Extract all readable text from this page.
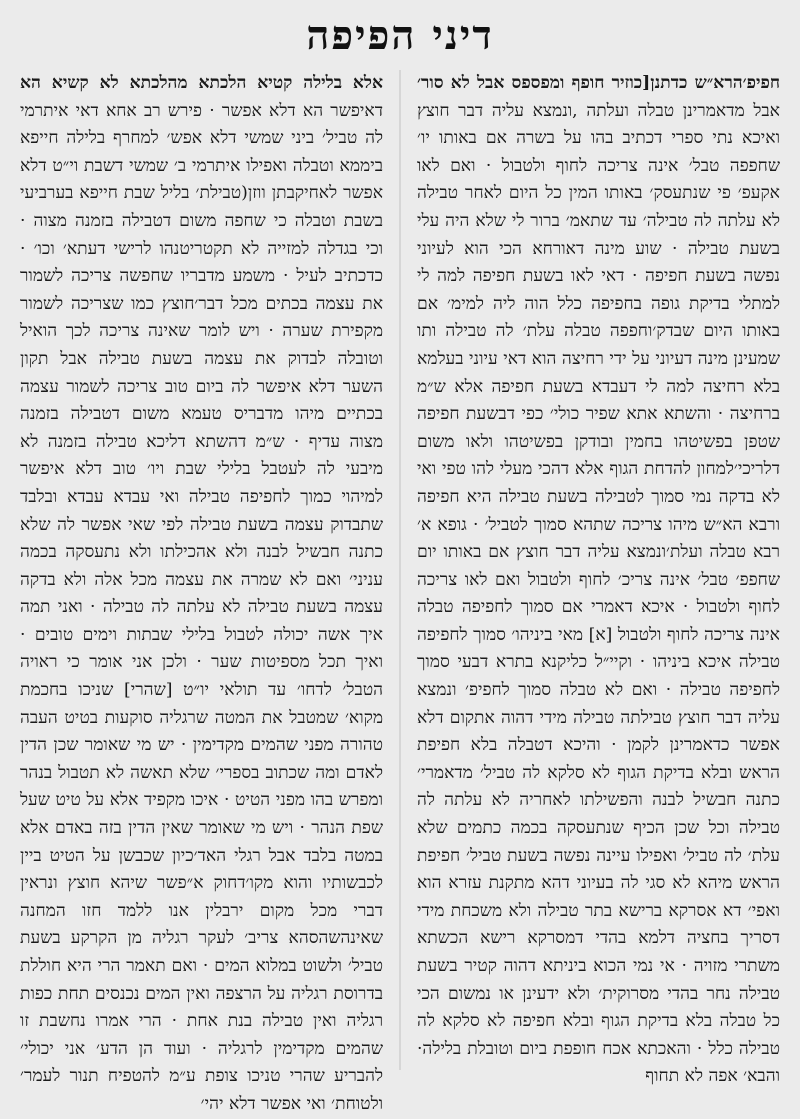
דיני הפיפה

חפיפ׳הרא״ש כדתנן[כוזיר חופף ומפספס אבל לא סור׳ אבל מדאמרינן טבלה ועלתה ,ונמצא עליה דבר חוצץ ואיכא נתי ספרי דכתיב בהו על בשרה אם באותו יו׳ שחפפה טבל׳ אינה צריכה לחוף ולטבול · ואם לאו אקעפ׳ פי שנתעסק׳ באותו המין כל היום לאחר טבילה לא עלתה לה טבילה׳ עד שתאמ׳ ברור לי שלא היה עלי בשעת טבילה · שוע מינה דאורחא הכי הוא לעיוני נפשה בשעת חפיפה · דאי לאו בשעת חפיפה למה לי למתלי בדיקת גופה בחפיפה כלל הוה ליה למימ׳ אם באותו היום שבדק׳וחפפה טבלה עלת׳ לה טבילה ותו שמעינן מינה דעיוני על ידי רחיצה הוא דאי עיוני בעלמא בלא רחיצה למה לי דעבדא בשעת חפיפה אלא ש״מ ברחיצה · והשתא אתא שפיר כולי׳ כפי דבשעת חפיפה שטפן בפשיטהו בחמין ובודקן בפשיטהו ולאו משום דלריכי׳למחון להדחת הגוף אלא דהכי מעלי להו טפי ואי לא בדקה נמי סמוך לטבילה בשעת טבילה היא חפיפה ורבא הא״ש מיהו צריכה שתהא סמוך לטביל׳ · גופא א׳ רבא טבלה ועלת׳ונמצא עליה דבר חוצץ אם באותו יום שחפפ׳ טבל׳ אינה צריכ׳ לחוף ולטבול ואם לאו צריכה לחוף ולטבול · איכא דאמרי אם סמוך לחפיפה טבלה אינה צריכה לחוף ולטבול [א] מאי ביניהו׳ סמוך לחפיפה טבילה איכא ביניהו · וקיי״ל כליקנא בתרא דבעי סמוך לחפיפה טבילה · ואם לא טבלה סמוך לחפיפ׳ ונמצא עליה דבר חוצץ טבילתה טבילה מידי דהוה אתקום דלא אפשר כדאמרינן לקמן · והיכא דטבלה בלא חפיפת הראש ובלא בדיקת הגוף לא סלקא לה טביל׳ מדאמרי׳ כתנה חבשיל לבנה והפשילתו לאחריה לא עלתה לה טבילה וכל שכן הכיף שנתעסקה בכמה כתמים שלא עלת׳ לה טביל׳ ואפילו עיינה נפשה בשעת טביל׳ חפיפת הראש מיהא לא סגי לה בעיוני דהא מתקנת עזרא הוא ואפי׳ דא אסרקא ברישא בתר טבילה ולא משכחת מידי דסריך בחציה דלמא בהדי דמסרקא רישא הכשתא משתרי מזויה · אי נמי הכוא ביניתא דהוה קטיר בשעת טבילה נחר בהדי מסרוקית׳ ולא ידעינן או נמשום הכי כל טבלה בלא בדיקת הגוף ובלא חפיפה לא סלקא לה טבילה כלל · והאכתא אכח חופפת ביום וטובלת בלילה· והבא׳ אפה לא תחוף

אלא בלילה קטיא הלכתא מהלכתא לא קשיא הא דאיפשר הא דלא אפשר · פירש רב אחא דאי איתרמי לה טביל׳ ביני שמשי דלא אפש׳ למחרף בלילה חייפא ביממא וטבלה ואפילו איתרמי ב׳ שמשי דשבת וי״ט דלא אפשר לאחיקבתן ווזן(טבילת׳ בליל שבת חייפא בערביעי בשבת וטבלה כי שחפה משום דטבילה בזמנה מצוה · וכי בגדלה למזייה לא תקטריטנהו לרישי דעתא׳ וכו׳ · כדכתיב לעיל · משמע מדבריו שחפשה צריכה לשמור את עצמה בכתים מכל דבר׳חוצץ כמו שצריכה לשמור מקפירת שערה · ויש לומר שאינה צריכה לכך הואיל וטובלה לבדוק את עצמה בשעת טבילה אבל תקון השער דלא איפשר לה ביום טוב צריכה לשמור עצמה בכתיים מיהו מדבריס טעמא משום דטבילה בזמנה מצוה עדיף · ש״מ דהשתא דליכא טבילה בזמנה לא מיבעי לה לעטבל בלילי שבת ויו׳ טוב דלא איפשר למיהוי כמוך לחפיפה טבילה ואי עבדא עבדא ובלבד שתבדוק עצמה בשעת טבילה לפי שאי אפשר לה שלא כתנה חבשיל לבנה ולא אהכילתו ולא נתעסקה בכמה עניני׳ ואם לא שמרה את עצמה מכל אלה ולא בדקה עצמה בשעת טבילה לא עלתה לה טבילה · ואני תמה איך אשה יכולה לטבול בלילי שבתות וימים טובים · ואיך תכל מספיטות שער · ולכן אני אומר כי ראויה הטבל׳ לדחו׳ עד תולאי יו״ט [שהרי] שניכו בחכמת מקוא׳ שמטבל את המטה שרגליה סוקעות בטיט העבה טהורה מפני שהמים מקדימין · יש מי שאומר שכן הדין לאדם ומה שכתוב בספרי׳ שלא תאשה לא תטבול בנהר ומפרש בהו מפני הטיט · איכו מקפיד אלא על טיט שעל שפת הנהר · ויש מי שאומר שאין הדין בזה באדם אלא במטה בלבד אבל רגלי האד׳כיון שכבשן על הטיט ביין לכבשותיו והוא מקו׳דחוק א״פשר שיהא חוצץ ונראין דברי מכל מקום ירבלין אנו ללמד חזו המחנה שאינהשהסהא צריב׳ לעקר רגליה מן הקרקע בשעת טביל׳ ולשוט במלוא המים · ואם תאמר הרי היא חוללת בדרוסת רגליה על הרצפה ואין המים נכנסים תחת כפות רגליה ואין טבילה בנת אחת · הרי אמרו נחשבת זו שהמים מקדימין לרגליה · ועוד הן הדע׳ אני יכולי׳ להבריע שהרי טניכו צופת ע״מ להטפיח תנור לעמר׳ ולטוחת׳ ואי אפשר דלא יהי׳
